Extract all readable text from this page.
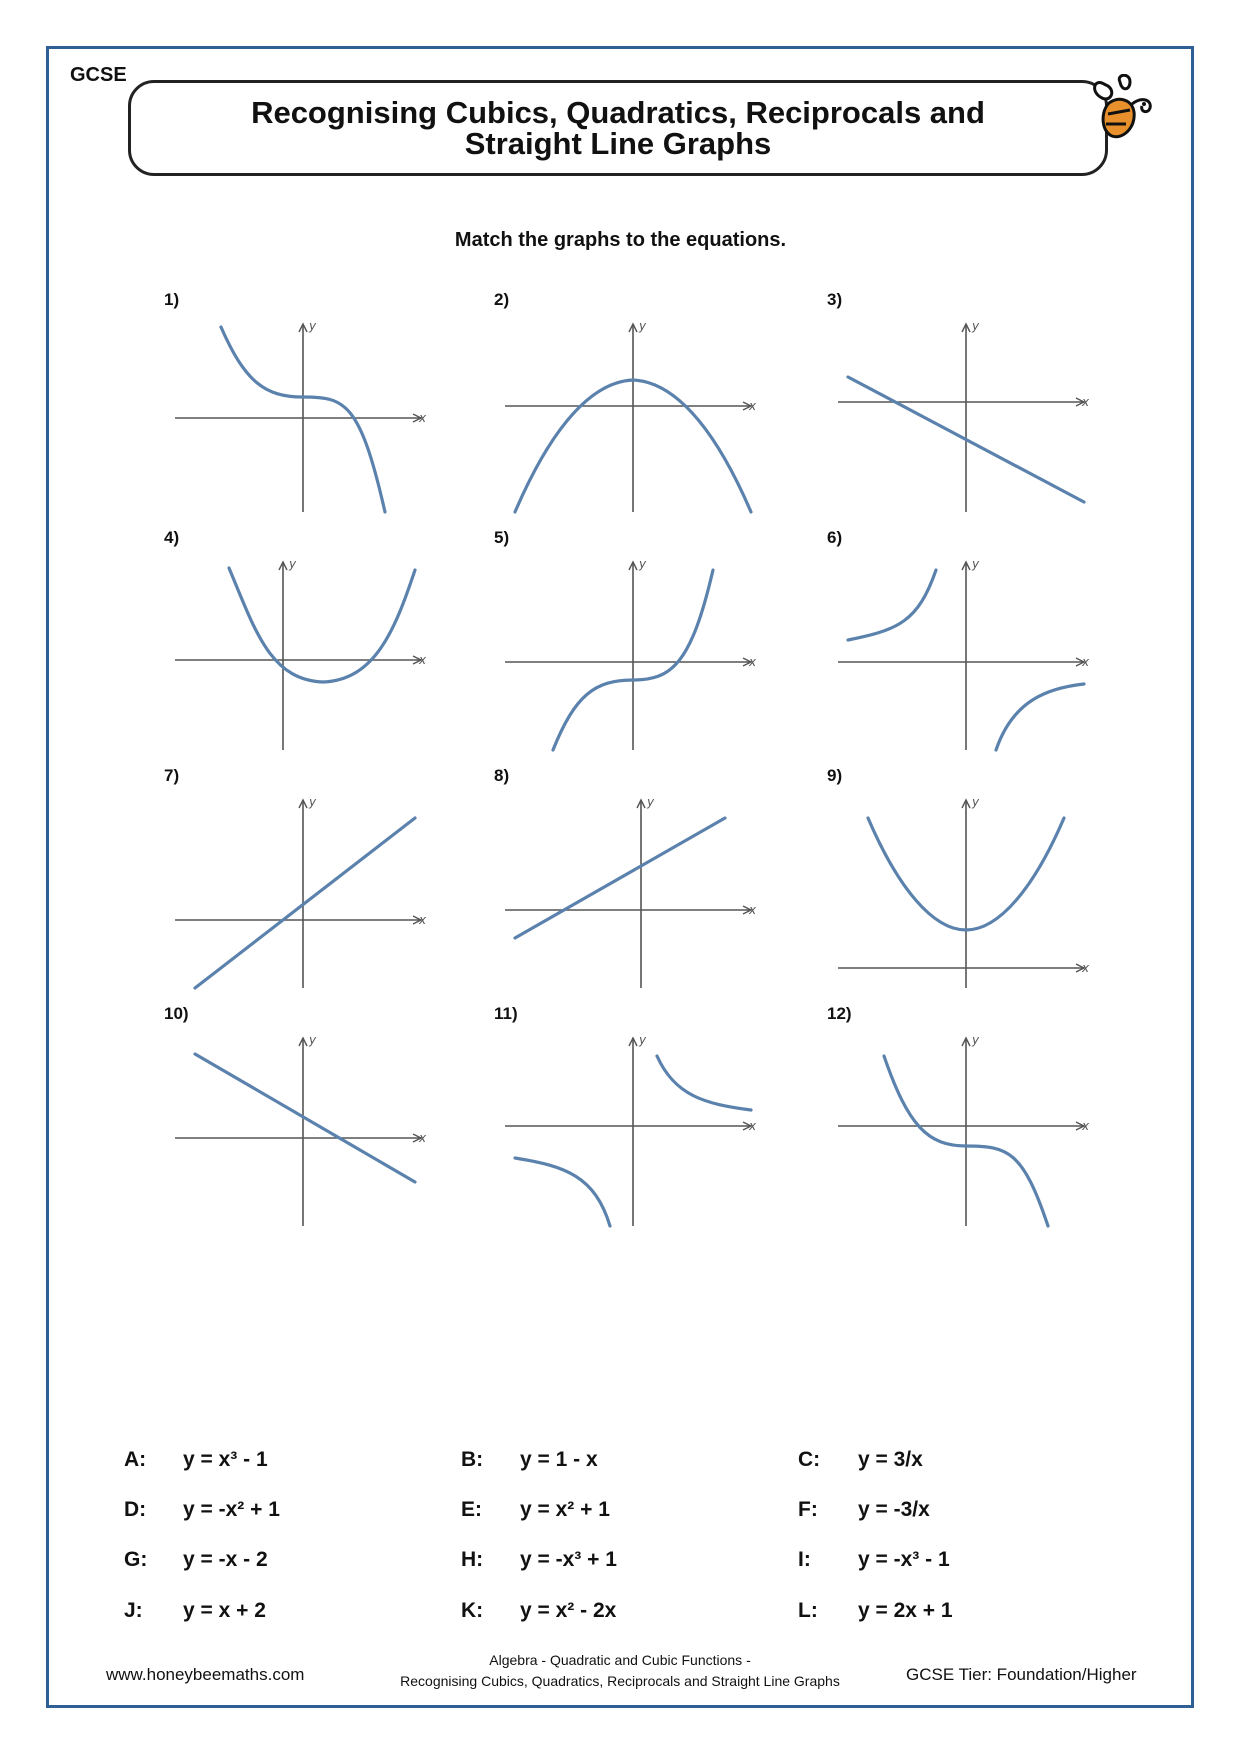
GCSE
Recognising Cubics, Quadratics, Reciprocals and
Straight Line Graphs
Match the graphs to the equations.
1)
x
y
2)
x
y
3)
x
y
4)
x
y
5)
x
y
6)
x
y
7)
x
y
8)
x
y
9)
x
y
10)
x
y
11)
x
y
12)
x
y
A: y = x³ - 1	B: y = 1 - x	C: y = 3/x
D: y = -x² + 1	E: y = x² + 1	F: y = -3/x
G: y = -x - 2	H: y = -x³ + 1	I: y = -x³ - 1
J: y = x + 2	K: y = x² - 2x	L: y = 2x + 1
www.honeybeemaths.com
Algebra - Quadratic and Cubic Functions -
Recognising Cubics, Quadratics, Reciprocals and Straight Line Graphs	GCSE Tier: Foundation/Higher
